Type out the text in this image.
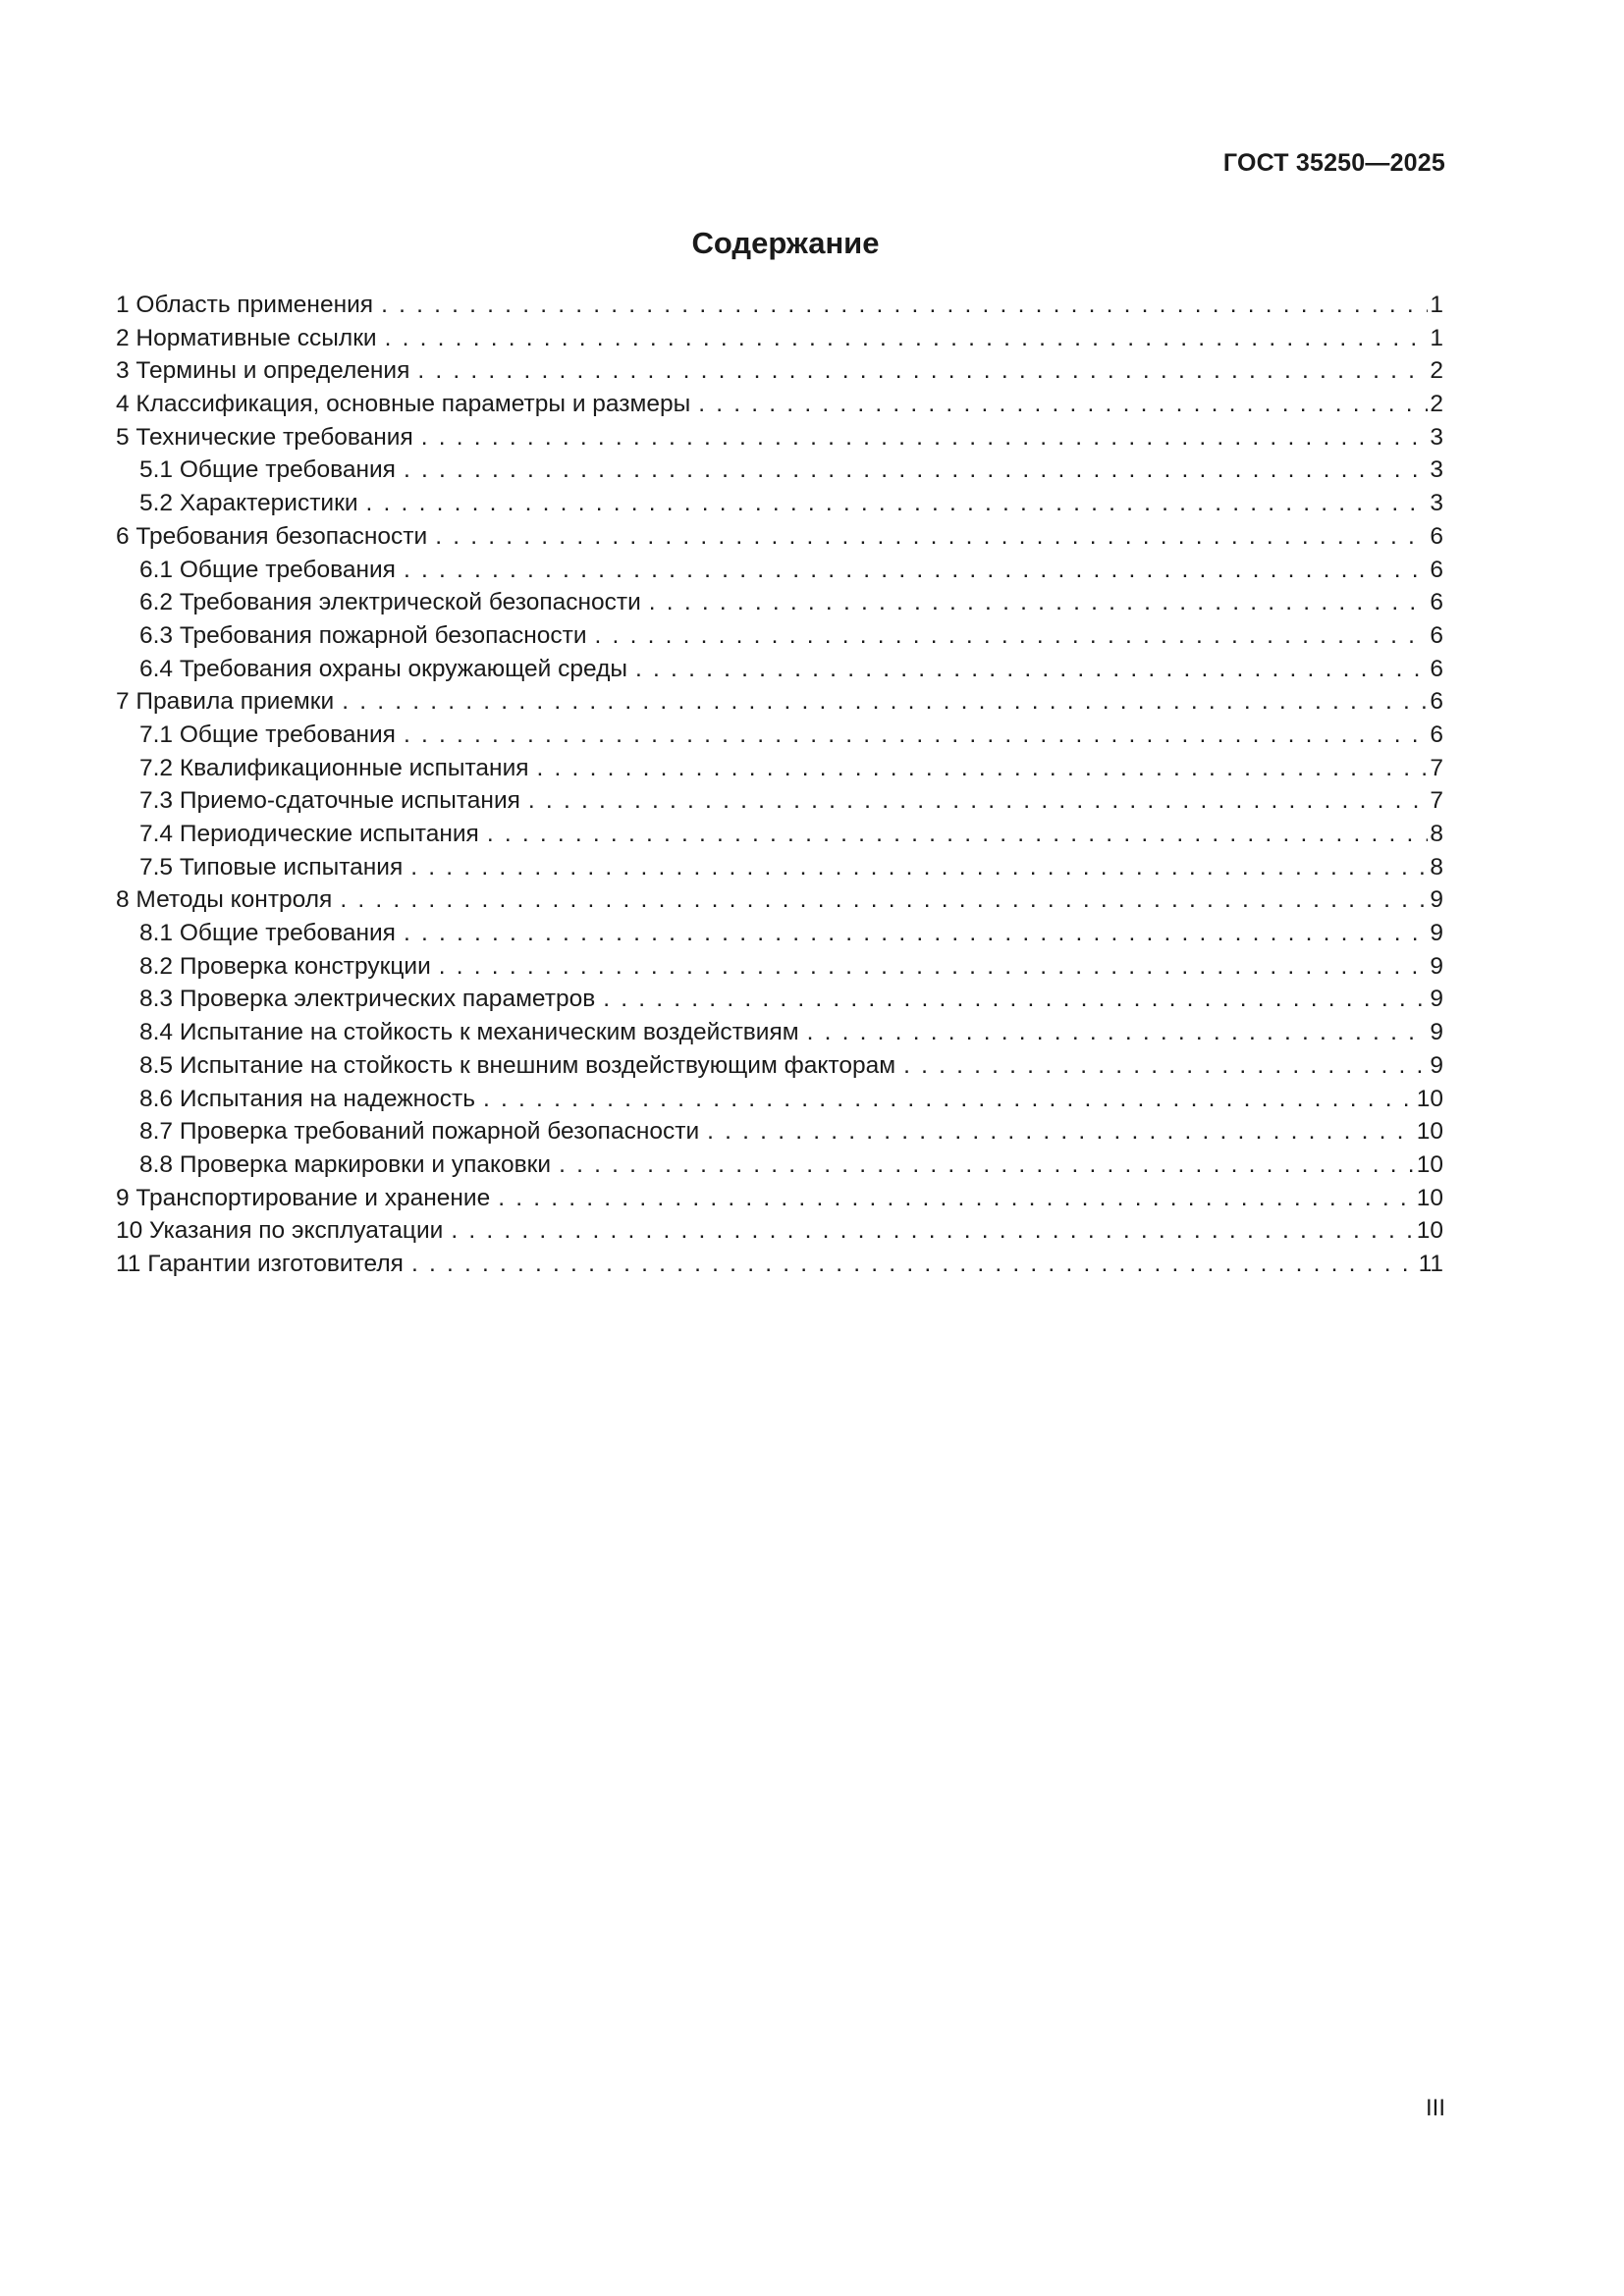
ГОСТ 35250—2025
Содержание
1 Область применения . . .	1
2 Нормативные ссылки . . .	1
3 Термины и определения . . .	2
4 Классификация, основные параметры и размеры . . .	2
5 Технические требования . . .	3
5.1 Общие требования . . .	3
5.2 Характеристики . . .	3
6 Требования безопасности . . .	6
6.1 Общие требования . . .	6
6.2 Требования электрической безопасности . . .	6
6.3 Требования пожарной безопасности . . .	6
6.4 Требования охраны окружающей среды . . .	6
7 Правила приемки . . .	6
7.1 Общие требования . . .	6
7.2 Квалификационные испытания . . .	7
7.3 Приемо-сдаточные испытания . . .	7
7.4 Периодические испытания . . .	8
7.5 Типовые испытания . . .	8
8 Методы контроля . . .	9
8.1 Общие требования . . .	9
8.2 Проверка конструкции . . .	9
8.3 Проверка электрических параметров . . .	9
8.4 Испытание на стойкость к механическим воздействиям . . .	9
8.5 Испытание на стойкость к внешним воздействующим факторам . . .	9
8.6 Испытания на надежность . . .	10
8.7 Проверка требований пожарной безопасности . . .	10
8.8 Проверка маркировки и упаковки . . .	10
9 Транспортирование и хранение . . .	10
10 Указания по эксплуатации . . .	10
11 Гарантии изготовителя . . .	11
III
